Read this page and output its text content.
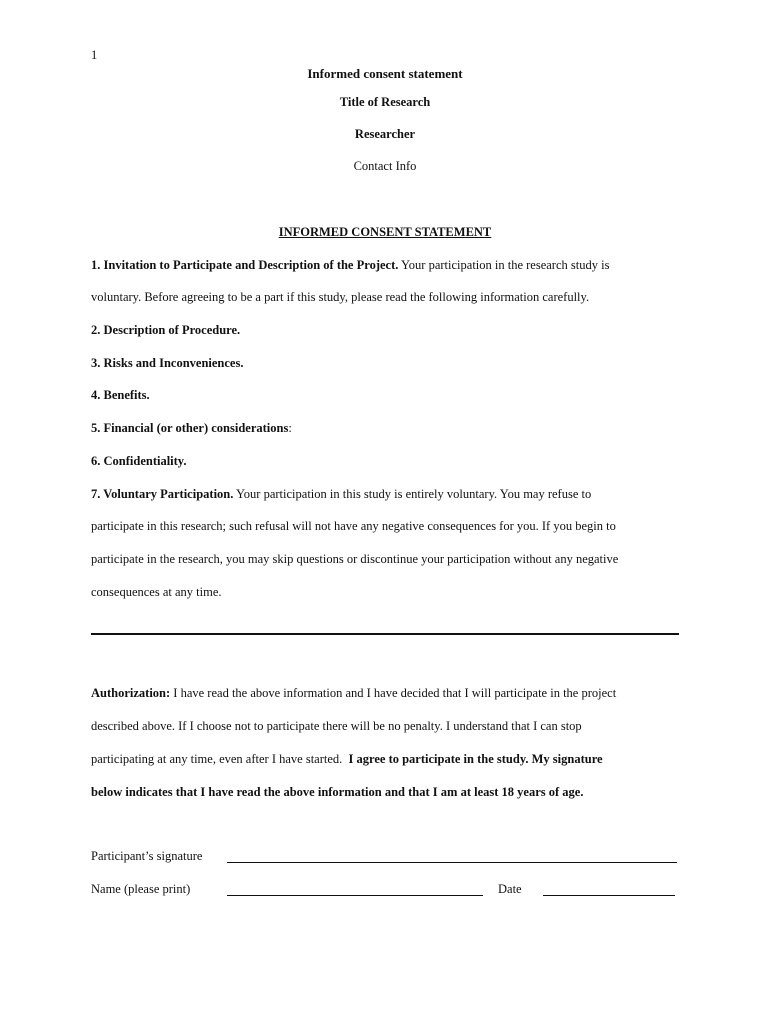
1
Informed consent statement
Title of Research
Researcher
Contact Info
INFORMED CONSENT STATEMENT
1. Invitation to Participate and Description of the Project. Your participation in the research study is
voluntary. Before agreeing to be a part if this study, please read the following information carefully.
2. Description of Procedure.
3. Risks and Inconveniences.
4. Benefits.
5. Financial (or other) considerations:
6. Confidentiality.
7. Voluntary Participation. Your participation in this study is entirely voluntary. You may refuse to
participate in this research; such refusal will not have any negative consequences for you. If you begin to
participate in the research, you may skip questions or discontinue your participation without any negative
consequences at any time.
Authorization: I have read the above information and I have decided that I will participate in the project
described above. If I choose not to participate there will be no penalty. I understand that I can stop
participating at any time, even after I have started.  I agree to participate in the study. My signature
below indicates that I have read the above information and that I am at least 18 years of age.
Participant’s signature
Name (please print)	Date
